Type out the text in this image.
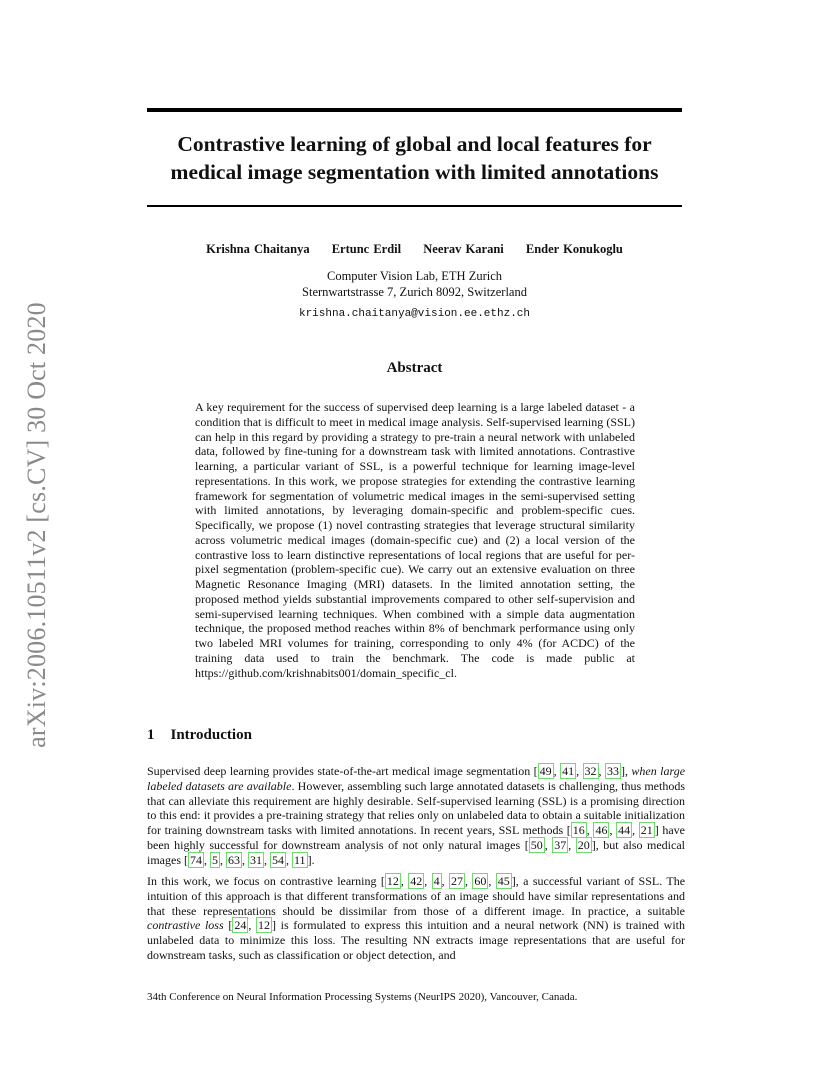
arXiv:2006.10511v2 [cs.CV] 30 Oct 2020
Contrastive learning of global and local features for medical image segmentation with limited annotations
Krishna Chaitanya Ertunc Erdil Neerav Karani Ender Konukoglu
Computer Vision Lab, ETH Zurich
Sternwartstrasse 7, Zurich 8092, Switzerland
krishna.chaitanya@vision.ee.ethz.ch
Abstract

A key requirement for the success of supervised deep learning is a large labeled dataset - a condition that is difficult to meet in medical image analysis. Self-supervised learning (SSL) can help in this regard by providing a strategy to pre-train a neural network with unlabeled data, followed by fine-tuning for a downstream task with limited annotations. Contrastive learning, a particular variant of SSL, is a powerful technique for learning image-level representations. In this work, we propose strategies for extending the contrastive learning framework for segmentation of volumetric medical images in the semi-supervised setting with limited annotations, by leveraging domain-specific and problem-specific cues. Specifically, we propose (1) novel contrasting strategies that leverage structural similarity across volumetric medical images (domain-specific cue) and (2) a local version of the contrastive loss to learn distinctive representations of local regions that are useful for per-pixel segmentation (problem-specific cue). We carry out an extensive evaluation on three Magnetic Resonance Imaging (MRI) datasets. In the limited annotation setting, the proposed method yields substantial improvements compared to other self-supervision and semi-supervised learning techniques. When combined with a simple data augmentation technique, the proposed method reaches within 8% of benchmark performance using only two labeled MRI volumes for training, corresponding to only 4% (for ACDC) of the training data used to train the benchmark. The code is made public at https://github.com/krishnabits001/domain_specific_cl.

1 Introduction

Supervised deep learning provides state-of-the-art medical image segmentation [ 49 , 41 , 32 , 33 ], when large labeled datasets are available. However, assembling such large annotated datasets is challenging, thus methods that can alleviate this requirement are highly desirable. Self-supervised learning (SSL) is a promising direction to this end: it provides a pre-training strategy that relies only on unlabeled data to obtain a suitable initialization for training downstream tasks with limited annotations. In recent years, SSL methods [ 16 , 46 , 44 , 21 ] have been highly successful for downstream analysis of not only natural images [ 50 , 37 , 20 ], but also medical images [ 74 , 5 , 63 , 31 , 54 , 11 ].

In this work, we focus on contrastive learning [ 12 , 42 , 4 , 27 , 60 , 45 ], a successful variant of SSL. The intuition of this approach is that different transformations of an image should have similar representations and that these representations should be dissimilar from those of a different image. In practice, a suitable contrastive loss [ 24 , 12 ] is formulated to express this intuition and a neural network (NN) is trained with unlabeled data to minimize this loss. The resulting NN extracts image representations that are useful for downstream tasks, such as classification or object detection, and

34th Conference on Neural Information Processing Systems (NeurIPS 2020), Vancouver, Canada.
